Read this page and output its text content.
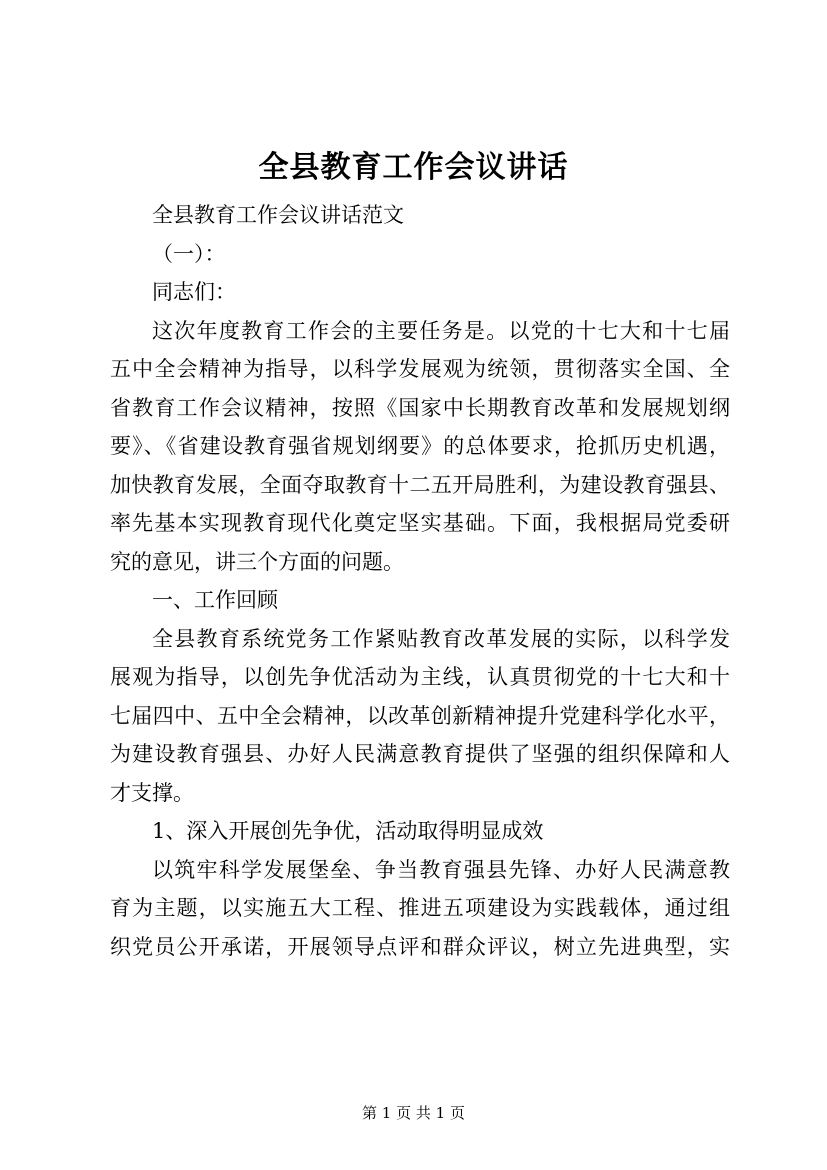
全县教育工作会议讲话
全县教育工作会议讲话范文
（一）：
同志们：
这次年度教育工作会的主要任务是。以党的十七大和十七届
五中全会精神为指导，以科学发展观为统领，贯彻落实全国、全
省教育工作会议精神，按照《国家中长期教育改革和发展规划纲
要》、《省建设教育强省规划纲要》的总体要求，抢抓历史机遇，
加快教育发展，全面夺取教育十二五开局胜利，为建设教育强县、
率先基本实现教育现代化奠定坚实基础。下面，我根据局党委研
究的意见，讲三个方面的问题。
一、工作回顾
全县教育系统党务工作紧贴教育改革发展的实际，以科学发
展观为指导，以创先争优活动为主线，认真贯彻党的十七大和十
七届四中、五中全会精神，以改革创新精神提升党建科学化水平，
为建设教育强县、办好人民满意教育提供了坚强的组织保障和人
才支撑。
1、深入开展创先争优，活动取得明显成效
以筑牢科学发展堡垒、争当教育强县先锋、办好人民满意教
育为主题，以实施五大工程、推进五项建设为实践载体，通过组
织党员公开承诺，开展领导点评和群众评议，树立先进典型，实
第 1 页 共 1 页
